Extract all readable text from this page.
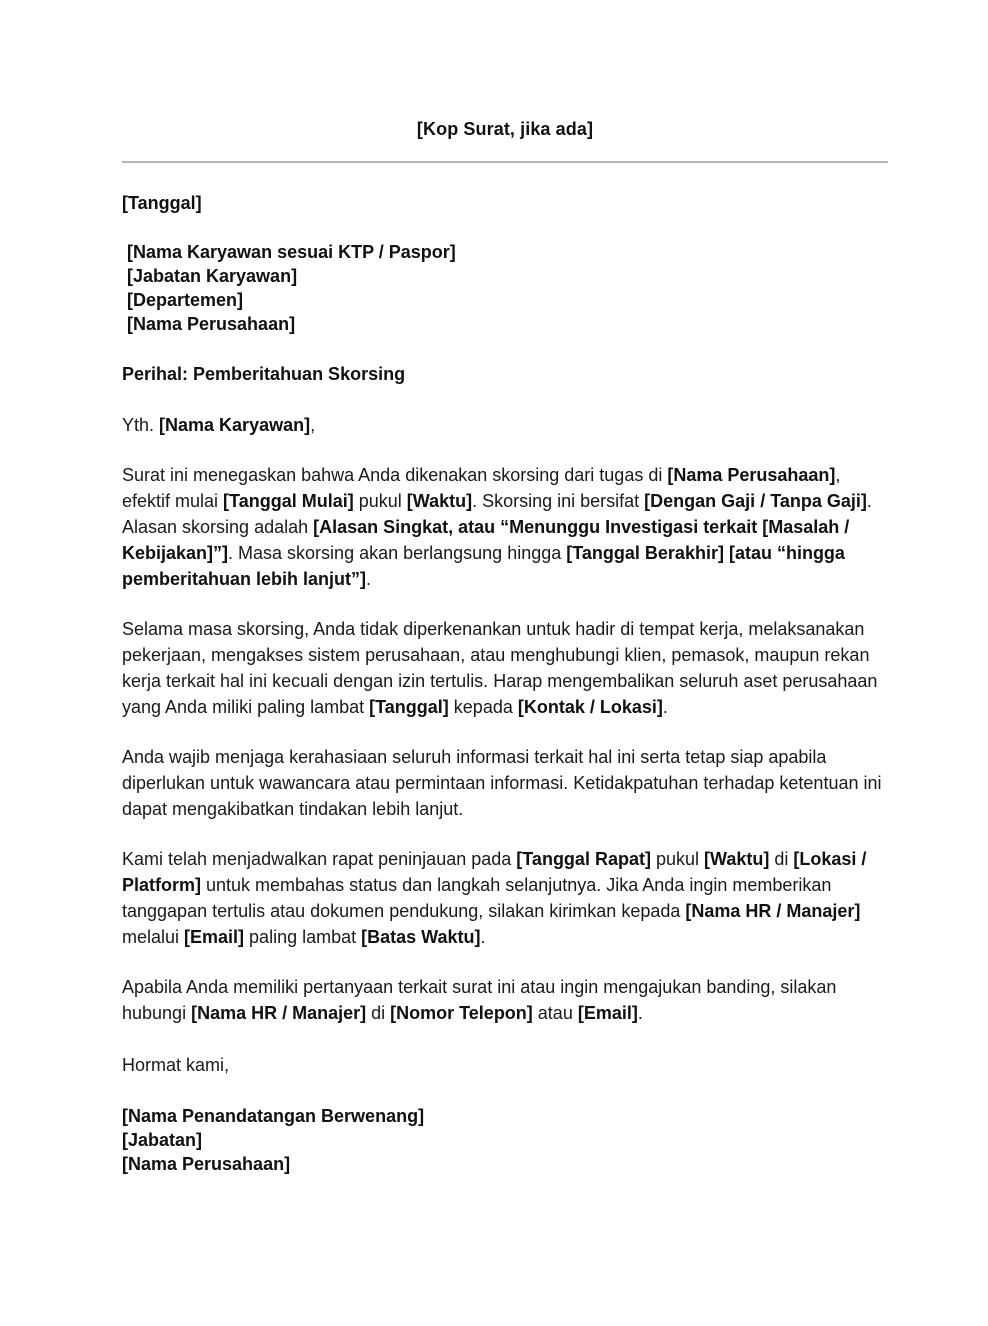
[Kop Surat, jika ada]
[Tanggal]
[Nama Karyawan sesuai KTP / Paspor]
[Jabatan Karyawan]
[Departemen]
[Nama Perusahaan]
Perihal: Pemberitahuan Skorsing
Yth. [Nama Karyawan],
Surat ini menegaskan bahwa Anda dikenakan skorsing dari tugas di [Nama Perusahaan], efektif mulai [Tanggal Mulai] pukul [Waktu]. Skorsing ini bersifat [Dengan Gaji / Tanpa Gaji]. Alasan skorsing adalah [Alasan Singkat, atau “Menunggu Investigasi terkait [Masalah / Kebijakan]”]. Masa skorsing akan berlangsung hingga [Tanggal Berakhir] [atau “hingga pemberitahuan lebih lanjut”].
Selama masa skorsing, Anda tidak diperkenankan untuk hadir di tempat kerja, melaksanakan pekerjaan, mengakses sistem perusahaan, atau menghubungi klien, pemasok, maupun rekan kerja terkait hal ini kecuali dengan izin tertulis. Harap mengembalikan seluruh aset perusahaan yang Anda miliki paling lambat [Tanggal] kepada [Kontak / Lokasi].
Anda wajib menjaga kerahasiaan seluruh informasi terkait hal ini serta tetap siap apabila diperlukan untuk wawancara atau permintaan informasi. Ketidakpatuhan terhadap ketentuan ini dapat mengakibatkan tindakan lebih lanjut.
Kami telah menjadwalkan rapat peninjauan pada [Tanggal Rapat] pukul [Waktu] di [Lokasi / Platform] untuk membahas status dan langkah selanjutnya. Jika Anda ingin memberikan tanggapan tertulis atau dokumen pendukung, silakan kirimkan kepada [Nama HR / Manajer] melalui [Email] paling lambat [Batas Waktu].
Apabila Anda memiliki pertanyaan terkait surat ini atau ingin mengajukan banding, silakan hubungi [Nama HR / Manajer] di [Nomor Telepon] atau [Email].
Hormat kami,
[Nama Penandatangan Berwenang]
[Jabatan]
[Nama Perusahaan]
